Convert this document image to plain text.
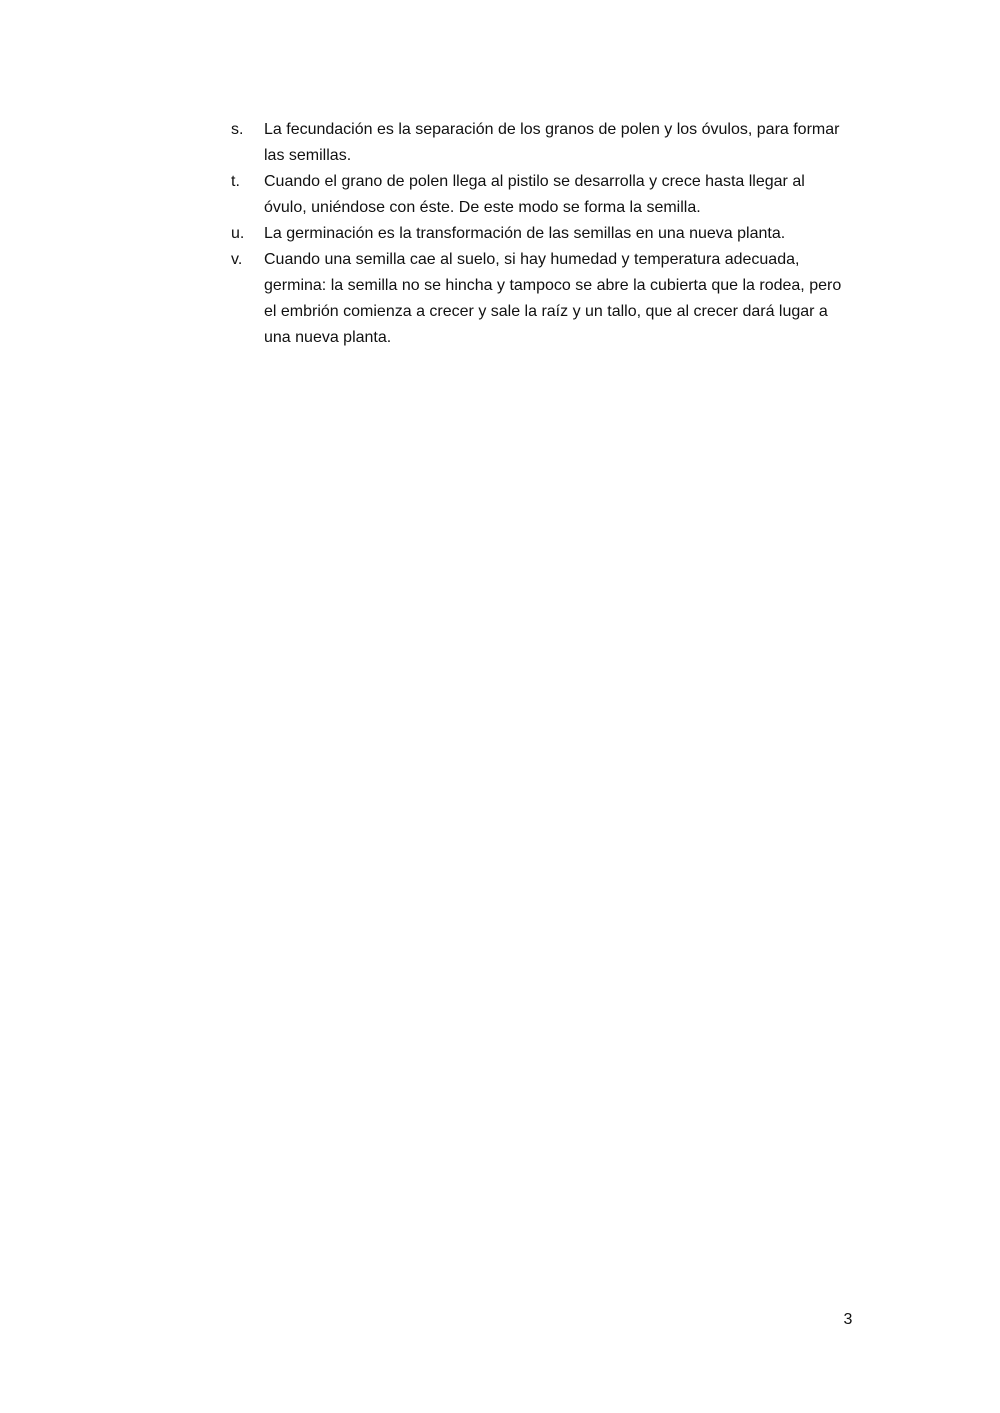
s.	La fecundación es la separación de los granos de polen y los óvulos, para formar las semillas.
t.	Cuando el grano de polen llega al pistilo se desarrolla y crece hasta llegar al óvulo, uniéndose con éste. De este modo se forma la semilla.
u.	La germinación es la transformación de las semillas en una nueva planta.
v.	Cuando una semilla cae al suelo, si hay humedad y temperatura adecuada, germina: la semilla no se hincha y tampoco se abre la cubierta que la rodea, pero el embrión comienza a crecer y sale la raíz y un tallo, que al crecer dará lugar a una nueva planta.
3
